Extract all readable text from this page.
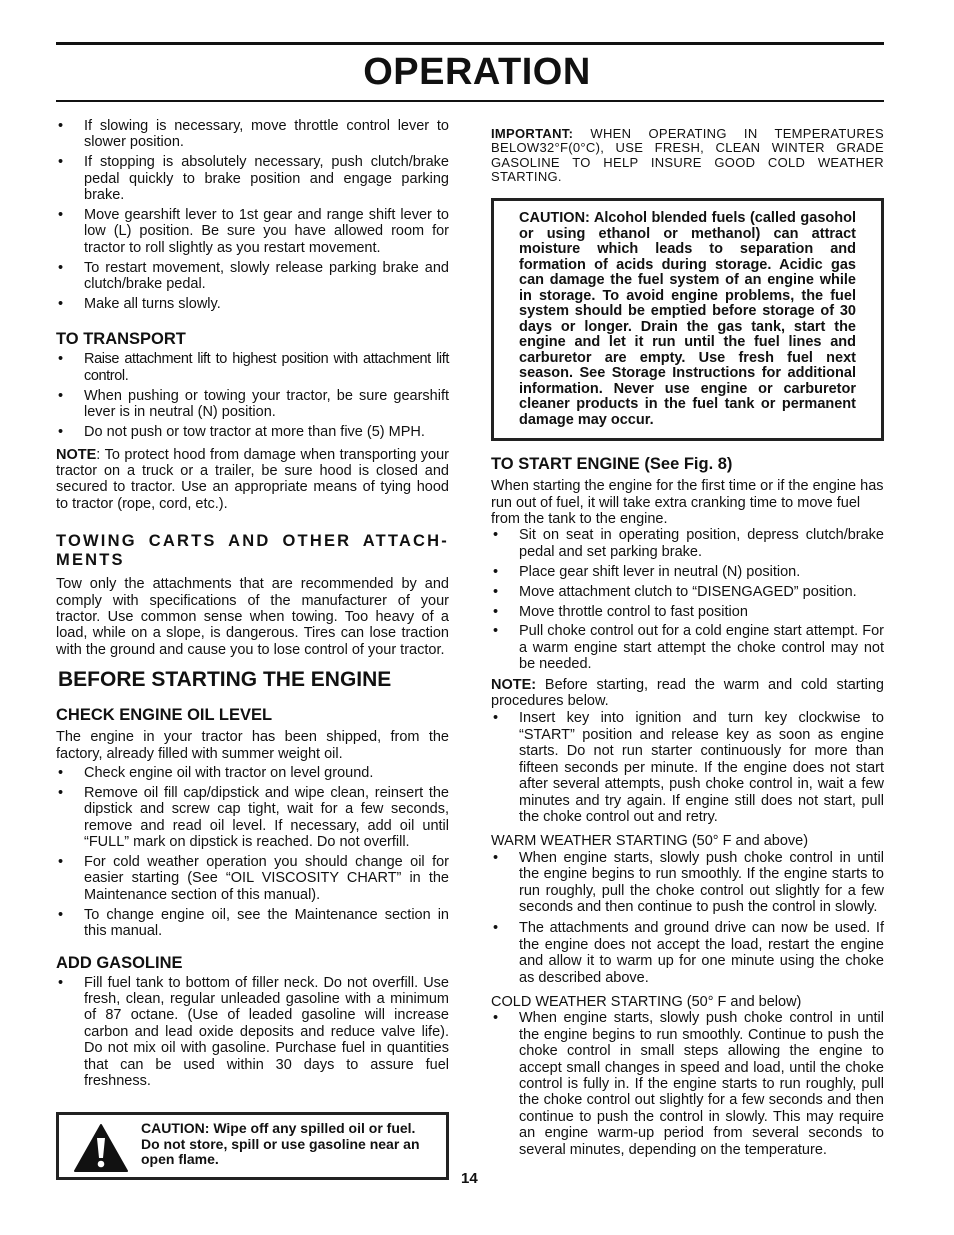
OPERATION
• If slowing is necessary, move throttle control lever to slower position.
• If stopping is absolutely necessary, push clutch/brake pedal quickly to brake position and engage parking brake.
• Move gearshift lever to 1st gear and range shift lever to low (L) position. Be sure you have allowed room for tractor to roll slightly as you restart movement.
• To restart movement, slowly release parking brake and clutch/brake pedal.
• Make all turns slowly.
TO TRANSPORT
• Raise attachment lift to highest position with attachment lift control.
• When pushing or towing your tractor, be sure gearshift lever is in neutral (N) position.
• Do not push or tow tractor at more than five (5) MPH.

NOTE: To protect hood from damage when transporting your tractor on a truck or a trailer, be sure hood is closed and secured to tractor. Use an appropriate means of tying hood to tractor (rope, cord, etc.).

TOWING CARTS AND OTHER ATTACH- MENTS

Tow only the attachments that are recommended by and comply with specifications of the manufacturer of your tractor. Use common sense when towing. Too heavy of a load, while on a slope, is dangerous. Tires can lose traction with the ground and cause you to lose control of your tractor.

BEFORE STARTING THE ENGINE
CHECK ENGINE OIL LEVEL

The engine in your tractor has been shipped, from the factory, already filled with summer weight oil.

• Check engine oil with tractor on level ground.
• Remove oil fill cap/dipstick and wipe clean, reinsert the dipstick and screw cap tight, wait for a few seconds, remove and read oil level. If necessary, add oil until “FULL” mark on dipstick is reached. Do not overfill.
• For cold weather operation you should change oil for easier starting (See “OIL VISCOSITY CHART” in the Maintenance section of this manual).
• To change engine oil, see the Maintenance section in this manual.
ADD GASOLINE
• Fill fuel tank to bottom of filler neck. Do not overfill. Use fresh, clean, regular unleaded gasoline with a minimum of 87 octane. (Use of leaded gasoline will increase carbon and lead oxide deposits and reduce valve life). Do not mix oil with gasoline. Purchase fuel in quantities that can be used within 30 days to assure fuel freshness.
CAUTION: Wipe off any spilled oil or fuel. Do not store, spill or use gasoline near an open flame.

IMPORTANT: WHEN OPERATING IN TEMPERATURES BELOW32°F(0°C), USE FRESH, CLEAN WINTER GRADE GASOLINE TO HELP INSURE GOOD COLD WEATHER STARTING.

CAUTION: Alcohol blended fuels (called gasohol or using ethanol or methanol) can attract moisture which leads to separation and formation of acids during storage. Acidic gas can damage the fuel system of an engine while in storage. To avoid engine problems, the fuel system should be emptied before storage of 30 days or longer. Drain the gas tank, start the engine and let it run until the fuel lines and carburetor are empty. Use fresh fuel next season. See Storage Instructions for additional information. Never use engine or carburetor cleaner products in the fuel tank or permanent damage may occur.

TO START ENGINE (See Fig. 8)

When starting the engine for the first time or if the engine has run out of fuel, it will take extra cranking time to move fuel from the tank to the engine.

• Sit on seat in operating position, depress clutch/brake pedal and set parking brake.
• Place gear shift lever in neutral (N) position.
• Move attachment clutch to “DISENGAGED” position.
• Move throttle control to fast position
• Pull choke control out for a cold engine start attempt. For a warm engine start attempt the choke control may not be needed.

NOTE: Before starting, read the warm and cold starting procedures below.

• Insert key into ignition and turn key clockwise to “START” position and release key as soon as engine starts. Do not run starter continuously for more than fifteen seconds per minute. If the engine does not start after several attempts, push choke control in, wait a few minutes and try again. If engine still does not start, pull the choke control out and retry.

WARM WEATHER STARTING (50° F and above)

• When engine starts, slowly push choke control in until the engine begins to run smoothly. If the engine starts to run roughly, pull the choke control out slightly for a few seconds and then continue to push the control in slowly.
• The attachments and ground drive can now be used. If the engine does not accept the load, restart the engine and allow it to warm up for one minute using the choke as described above.

COLD WEATHER STARTING (50° F and below)

• When engine starts, slowly push choke control in until the engine begins to run smoothly. Continue to push the choke control in small steps allowing the engine to accept small changes in speed and load, until the choke control is fully in. If the engine starts to run roughly, pull the choke control out slightly for a few seconds and then continue to push the control in slowly. This may require an engine warm-up period from several seconds to several minutes, depending on the temperature.
14
